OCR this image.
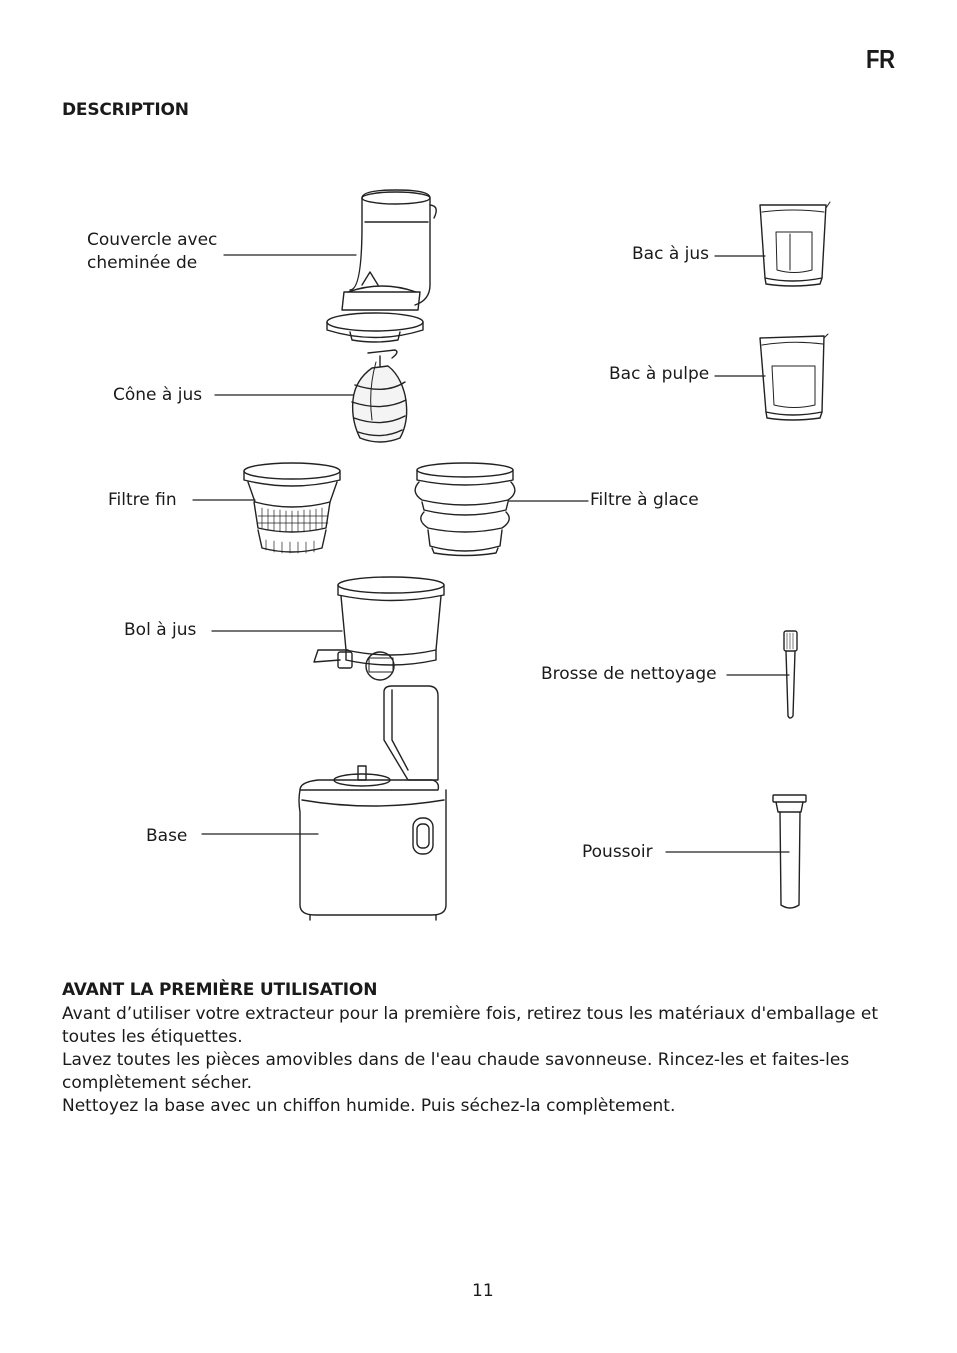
FR
DESCRIPTION
Couvercle avec
cheminée de
Cône à jus
Filtre fin
Bol à jus
Base
Bac à jus
Bac à pulpe
Filtre à glace
Brosse de nettoyage
Poussoir
AVANT LA PREMIÈRE UTILISATION

Avant d’utiliser votre extracteur pour la première fois, retirez tous les matériaux d'emballage et toutes les étiquettes.

Lavez toutes les pièces amovibles dans de l'eau chaude savonneuse. Rincez-les et faites-les complètement sécher.

Nettoyez la base avec un chiffon humide. Puis séchez-la complètement.

11
